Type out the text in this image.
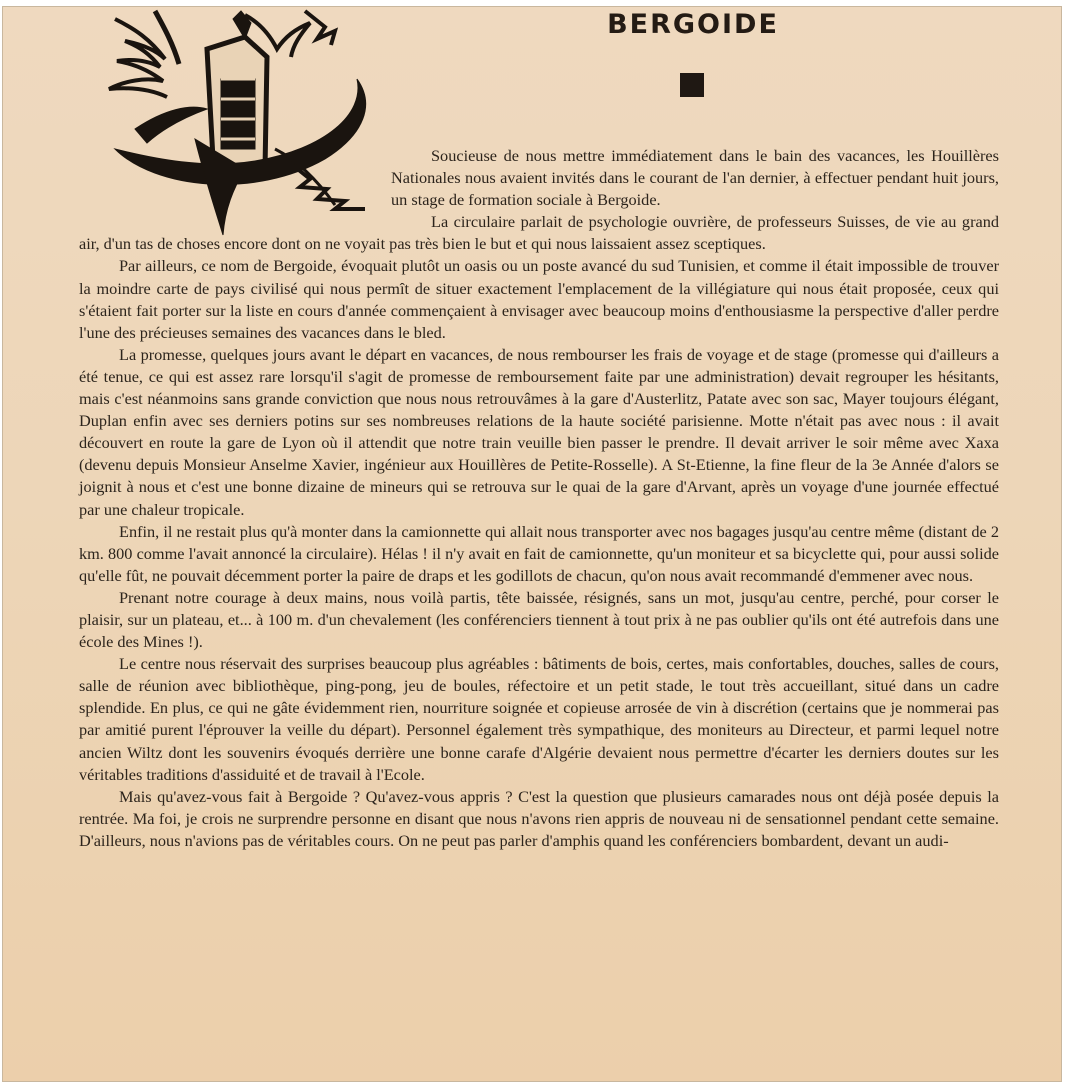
BERGOIDE

Soucieuse de nous mettre immédiatement dans le bain des vacances, les Houillères Nationales nous avaient invités dans le courant de l'an dernier, à effectuer pendant huit jours, un stage de formation sociale à Bergoide.

La circulaire parlait de psychologie ouvrière, de professeurs Suisses, de vie au grand air, d'un tas de choses encore dont on ne voyait pas très bien le but et qui nous laissaient assez sceptiques.

Par ailleurs, ce nom de Bergoide, évoquait plutôt un oasis ou un poste avancé du sud Tunisien, et comme il était impossible de trouver la moindre carte de pays civilisé qui nous permît de situer exactement l'emplacement de la villégiature qui nous était proposée, ceux qui s'étaient fait porter sur la liste en cours d'année commençaient à envisager avec beaucoup moins d'enthousiasme la perspective d'aller perdre l'une des précieuses semaines des vacances dans le bled.

La promesse, quelques jours avant le départ en vacances, de nous rembourser les frais de voyage et de stage (promesse qui d'ailleurs a été tenue, ce qui est assez rare lorsqu'il s'agit de promesse de remboursement faite par une administration) devait regrouper les hésitants, mais c'est néanmoins sans grande conviction que nous nous retrouvâmes à la gare d'Austerlitz, Patate avec son sac, Mayer toujours élégant, Duplan enfin avec ses derniers potins sur ses nombreuses relations de la haute société parisienne. Motte n'était pas avec nous : il avait découvert en route la gare de Lyon où il attendit que notre train veuille bien passer le prendre. Il devait arriver le soir même avec Xaxa (devenu depuis Monsieur Anselme Xavier, ingénieur aux Houillères de Petite-Rosselle). A St-Etienne, la fine fleur de la 3e Année d'alors se joignit à nous et c'est une bonne dizaine de mineurs qui se retrouva sur le quai de la gare d'Arvant, après un voyage d'une journée effectué par une chaleur tropicale.

Enfin, il ne restait plus qu'à monter dans la camionnette qui allait nous transporter avec nos bagages jusqu'au centre même (distant de 2 km. 800 comme l'avait annoncé la circulaire). Hélas ! il n'y avait en fait de camionnette, qu'un moniteur et sa bicyclette qui, pour aussi solide qu'elle fût, ne pouvait décemment porter la paire de draps et les godillots de chacun, qu'on nous avait recommandé d'emmener avec nous.

Prenant notre courage à deux mains, nous voilà partis, tête baissée, résignés, sans un mot, jusqu'au centre, perché, pour corser le plaisir, sur un plateau, et... à 100 m. d'un chevalement (les conférenciers tiennent à tout prix à ne pas oublier qu'ils ont été autrefois dans une école des Mines !).

Le centre nous réservait des surprises beaucoup plus agréables : bâtiments de bois, certes, mais confortables, douches, salles de cours, salle de réunion avec bibliothèque, ping-pong, jeu de boules, réfectoire et un petit stade, le tout très accueillant, situé dans un cadre splendide. En plus, ce qui ne gâte évidemment rien, nourriture soignée et copieuse arrosée de vin à discrétion (certains que je nommerai pas par amitié purent l'éprouver la veille du départ). Personnel également très sympathique, des moniteurs au Directeur, et parmi lequel notre ancien Wiltz dont les souvenirs évoqués derrière une bonne carafe d'Algérie devaient nous permettre d'écarter les derniers doutes sur les véritables traditions d'assiduité et de travail à l'Ecole.

Mais qu'avez-vous fait à Bergoide ? Qu'avez-vous appris ? C'est la question que plusieurs camarades nous ont déjà posée depuis la rentrée. Ma foi, je crois ne surprendre personne en disant que nous n'avons rien appris de nouveau ni de sensationnel pendant cette semaine. D'ailleurs, nous n'avions pas de véritables cours. On ne peut pas parler d'amphis quand les conférenciers bombardent, devant un audi-
